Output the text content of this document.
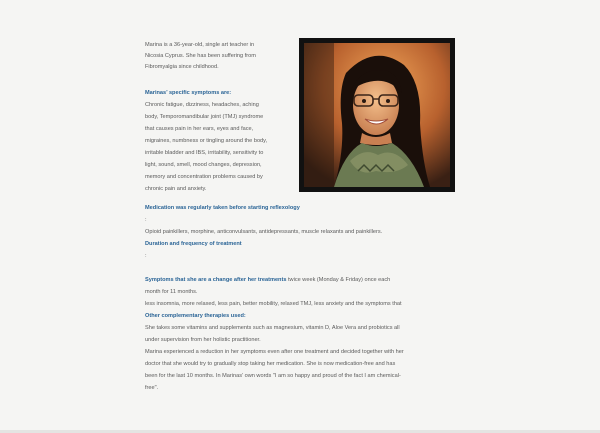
Marina is a 36-year-old, single art teacher in
Nicosia Cyprus. She has been suffering from
Fibromyalgia since childhood.
Marinas’ specific symptoms are:
Chronic fatigue, dizziness, headaches, aching
body, Temporomandibular joint (TMJ) syndrome
that causes pain in her ears, eyes and face,
migraines, numbness or tingling around the body,
irritable bladder and IBS, irritability, sensitivity to
light, sound, smell, mood changes, depression,
memory and concentration problems caused by
chronic pain and anxiety.
Medication was regularly taken before starting reflexology
:
Opioid painkillers, morphine, anticonvulsants, antidepressants, muscle relaxants and painkillers.
Duration and frequency of treatment
:
Symptoms that she are a change after her treatments twice week (Monday & Friday) once each
month for 11 months.
less insomnia, more relaxed, less pain, better mobility, relaxed TMJ, less anxiety and the symptoms that
Other complementary therapies used:
She takes some vitamins and supplements such as magnesium, vitamin D, Aloe Vera and probiotics all
under supervision from her holistic practitioner.
Marina experienced a reduction in her symptoms even after one treatment and decided together with her
doctor that she would try to gradually stop taking her medication. She is now medication-free and has
been for the last 10 months. In Marinas’ own words "I am so happy and proud of the fact I am chemical-
free".
